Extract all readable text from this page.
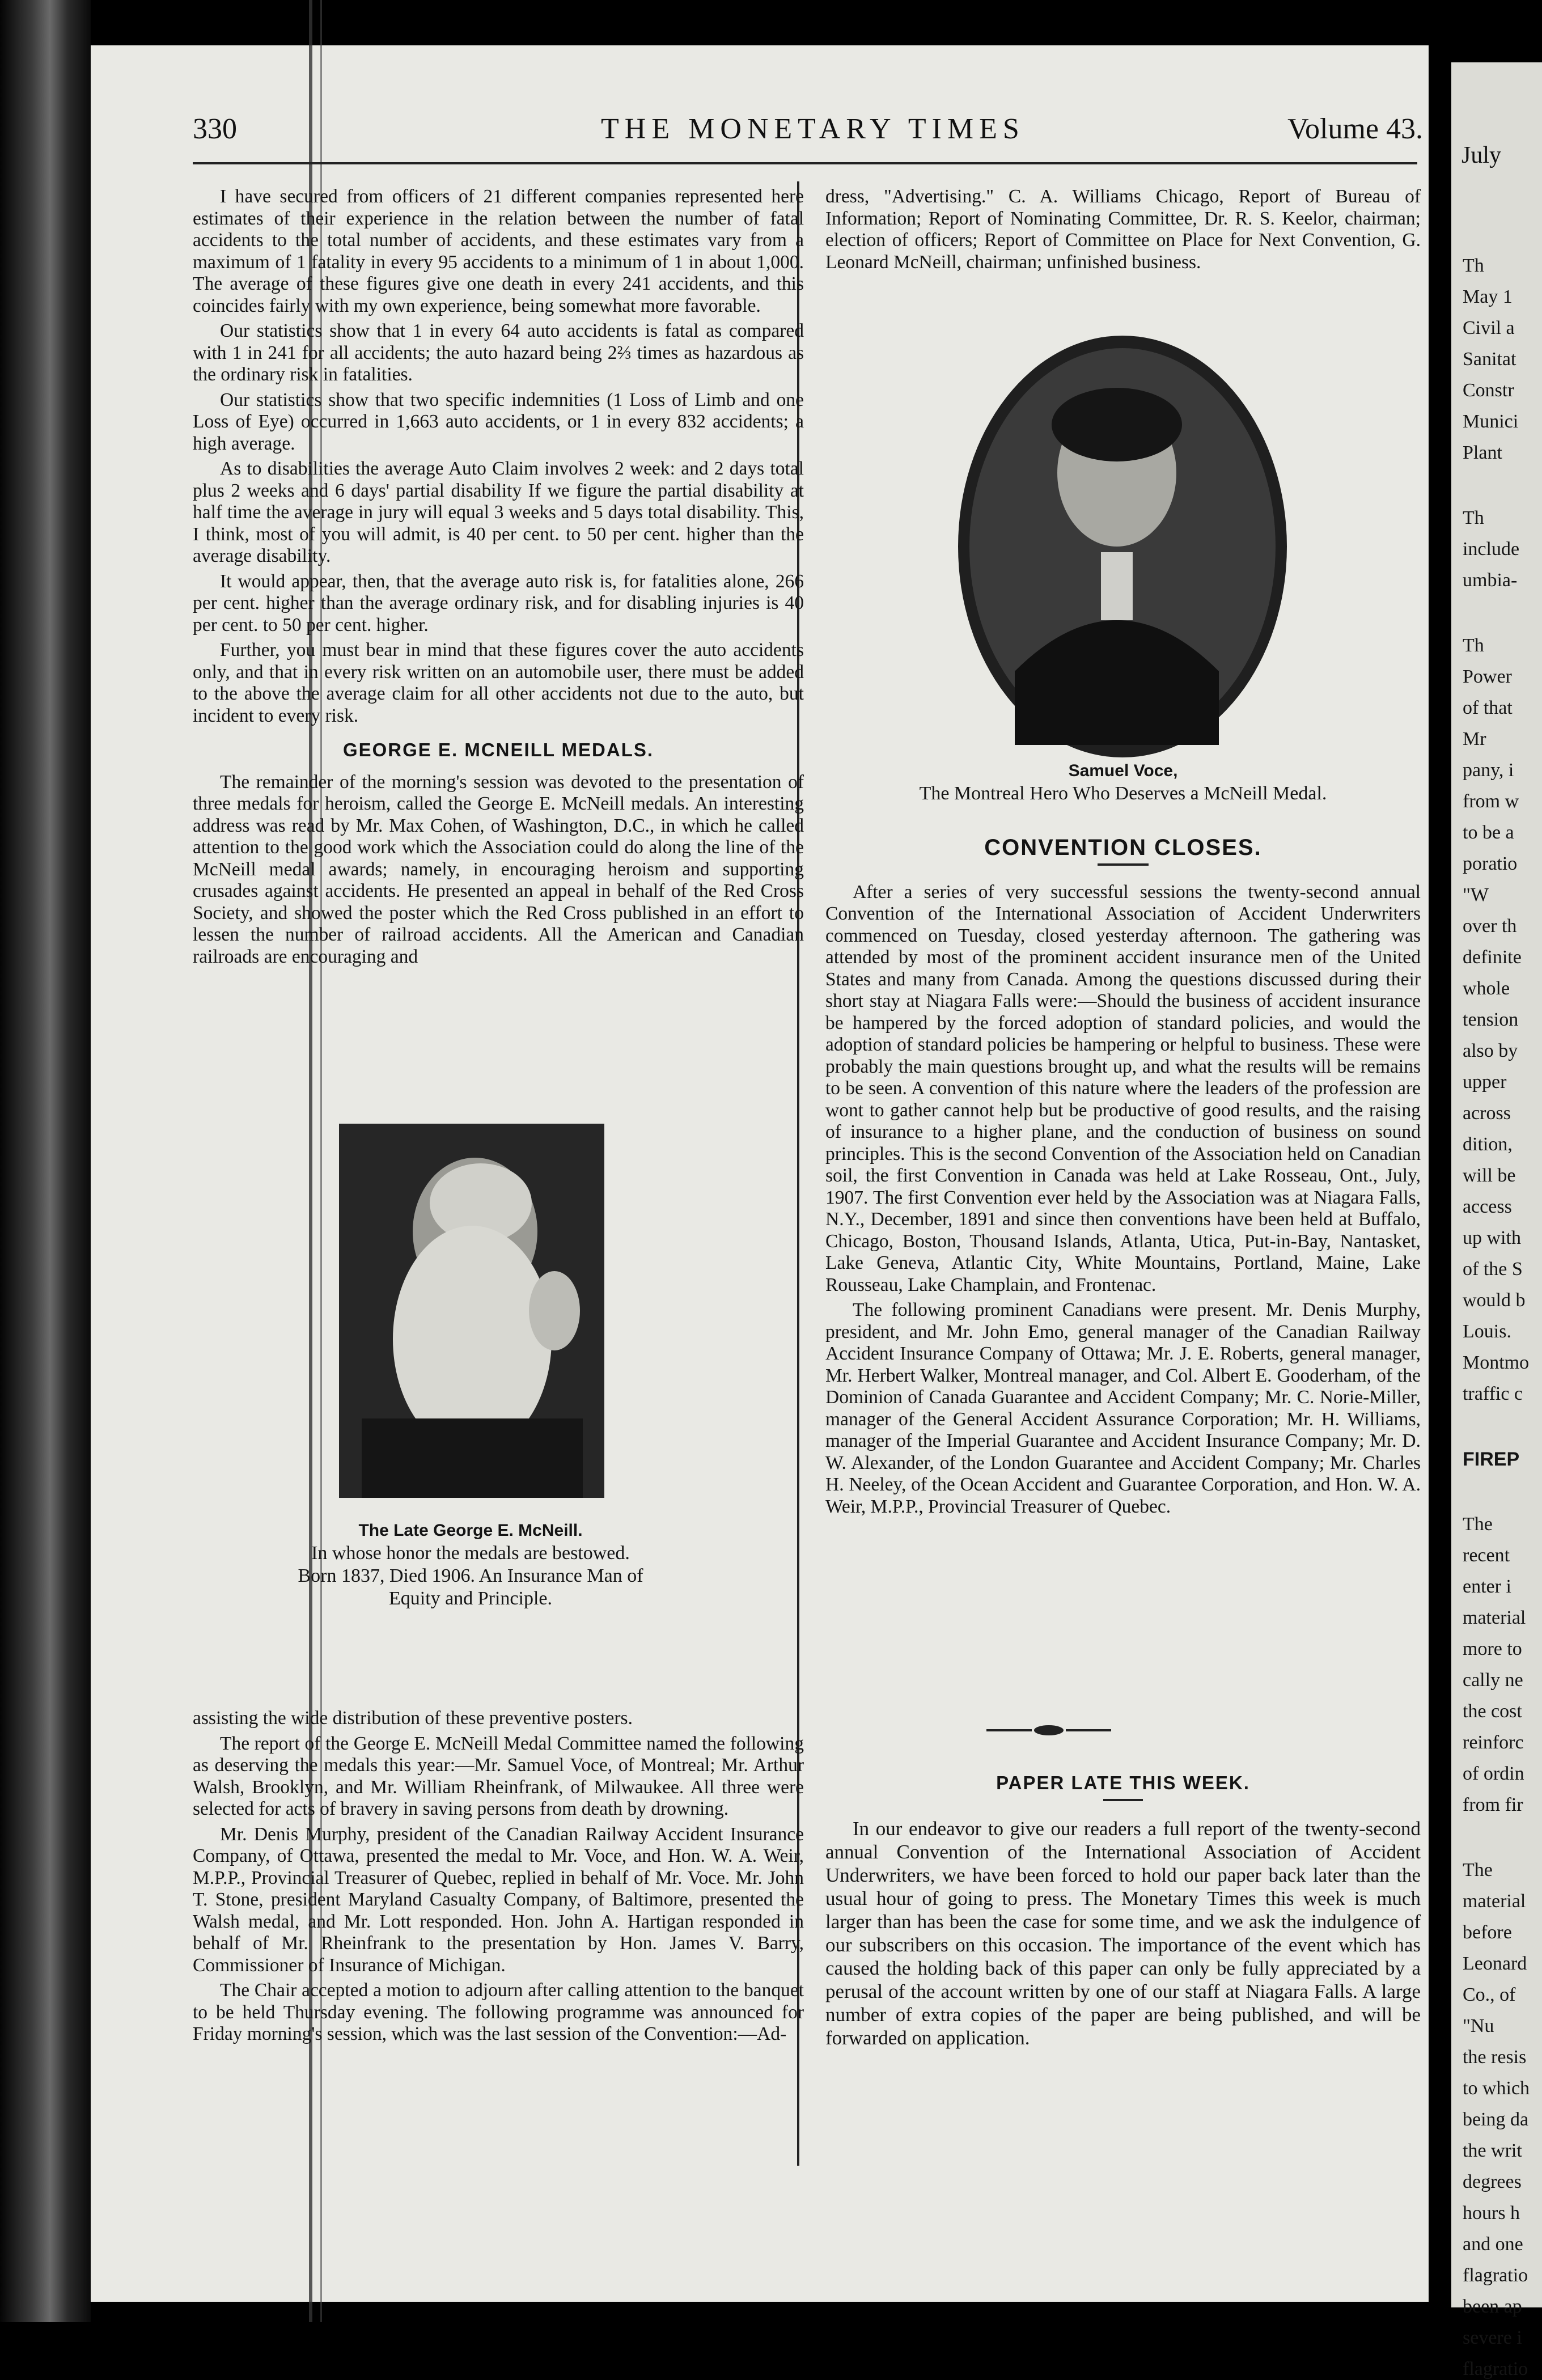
330	THE MONETARY TIMES	Volume 43.

I have secured from officers of 21 different companies represented here estimates of their experience in the relation between the number of fatal accidents to the total number of accidents, and these estimates vary from a maximum of 1 fatality in every 95 accidents to a minimum of 1 in about 1,000. The average of these figures give one death in every 241 accidents, and this coincides fairly with my own experience, being somewhat more favorable.

Our statistics show that 1 in every 64 auto accidents is fatal as compared with 1 in 241 for all accidents; the auto hazard being 2⅔ times as hazardous as the ordinary risk in fatalities.

Our statistics show that two specific indemnities (1 Loss of Limb and one Loss of Eye) occurred in 1,663 auto accidents, or 1 in every 832 accidents; a high average.

As to disabilities the average Auto Claim involves 2 week: and 2 days total plus 2 weeks and 6 days' partial disability If we figure the partial disability at half time the average in jury will equal 3 weeks and 5 days total disability. This, I think, most of you will admit, is 40 per cent. to 50 per cent. higher than the average disability.

It would appear, then, that the average auto risk is, for fatalities alone, 266 per cent. higher than the average ordinary risk, and for disabling injuries is 40 per cent. to 50 per cent. higher.

Further, you must bear in mind that these figures cover the auto accidents only, and that in every risk written on an automobile user, there must be added to the above the average claim for all other accidents not due to the auto, but incident to every risk.

GEORGE E. MCNEILL MEDALS.

The remainder of the morning's session was devoted to the presentation of three medals for heroism, called the George E. McNeill medals. An interesting address was read by Mr. Max Cohen, of Washington, D.C., in which he called attention to the good work which the Association could do along the line of the McNeill medal awards; namely, in encouraging heroism and supporting crusades against accidents. He presented an appeal in behalf of the Red Cross Society, and showed the poster which the Red Cross published in an effort to lessen the number of railroad accidents. All the American and Canadian railroads are encouraging and

The Late George E. McNeill.
In whose honor the medals are bestowed.
Born 1837, Died 1906. An Insurance Man of
Equity and Principle.

assisting the wide distribution of these preventive posters.

The report of the George E. McNeill Medal Committee named the following as deserving the medals this year:—Mr. Samuel Voce, of Montreal; Mr. Arthur Walsh, Brooklyn, and Mr. William Rheinfrank, of Milwaukee. All three were selected for acts of bravery in saving persons from death by drowning.

Mr. Denis Murphy, president of the Canadian Railway Accident Insurance Company, of Ottawa, presented the medal to Mr. Voce, and Hon. W. A. Weir, M.P.P., Provincial Treasurer of Quebec, replied in behalf of Mr. Voce. Mr. John T. Stone, president Maryland Casualty Company, of Baltimore, presented the Walsh medal, and Mr. Lott responded. Hon. John A. Hartigan responded in behalf of Mr. Rheinfrank to the presentation by Hon. James V. Barry, Commissioner of Insurance of Michigan.

The Chair accepted a motion to adjourn after calling attention to the banquet to be held Thursday evening. The following programme was announced for Friday morning's session, which was the last session of the Convention:—Ad-

dress, "Advertising." C. A. Williams Chicago, Report of Bureau of Information; Report of Nominating Committee, Dr. R. S. Keelor, chairman; election of officers; Report of Committee on Place for Next Convention, G. Leonard McNeill, chairman; unfinished business.

Samuel Voce,
The Montreal Hero Who Deserves a McNeill Medal.
CONVENTION CLOSES.

After a series of very successful sessions the twenty-second annual Convention of the International Association of Accident Underwriters commenced on Tuesday, closed yesterday afternoon. The gathering was attended by most of the prominent accident insurance men of the United States and many from Canada. Among the questions discussed during their short stay at Niagara Falls were:—Should the business of accident insurance be hampered by the forced adoption of standard policies, and would the adoption of standard policies be hampering or helpful to business. These were probably the main questions brought up, and what the results will be remains to be seen. A convention of this nature where the leaders of the profession are wont to gather cannot help but be productive of good results, and the raising of insurance to a higher plane, and the conduction of business on sound principles. This is the second Convention of the Association held on Canadian soil, the first Convention in Canada was held at Lake Rosseau, Ont., July, 1907. The first Convention ever held by the Association was at Niagara Falls, N.Y., December, 1891 and since then conventions have been held at Buffalo, Chicago, Boston, Thousand Islands, Atlanta, Utica, Put-in-Bay, Nantasket, Lake Geneva, Atlantic City, White Mountains, Portland, Maine, Lake Rousseau, Lake Champlain, and Frontenac.

The following prominent Canadians were present. Mr. Denis Murphy, president, and Mr. John Emo, general manager of the Canadian Railway Accident Insurance Company of Ottawa; Mr. J. E. Roberts, general manager, Mr. Herbert Walker, Montreal manager, and Col. Albert E. Gooderham, of the Dominion of Canada Guarantee and Accident Company; Mr. C. Norie-Miller, manager of the General Accident Assurance Corporation; Mr. H. Williams, manager of the Imperial Guarantee and Accident Insurance Company; Mr. D. W. Alexander, of the London Guarantee and Accident Company; Mr. Charles H. Neeley, of the Ocean Accident and Guarantee Corporation, and Hon. W. A. Weir, M.P.P., Provincial Treasurer of Quebec.

PAPER LATE THIS WEEK.

In our endeavor to give our readers a full report of the twenty-second annual Convention of the International Association of Accident Underwriters, we have been forced to hold our paper back later than the usual hour of going to press. The Monetary Times this week is much larger than has been the case for some time, and we ask the indulgence of our subscribers on this occasion. The importance of the event which has caused the holding back of this paper can only be fully appreciated by a perusal of the account written by one of our staff at Niagara Falls. A large number of extra copies of the paper are being published, and will be forwarded on application.

July
Th
May 1
Civil a
Sanitat
Constr
Munici
Plant
Th
include
umbia-
Th
Power
of that
Mr
pany, i
from w
to be a
poratio
"W
over th
definite
whole
tension
also by
upper
across
dition,
will be
access
up with
of the S
would b
Louis.
Montmo
traffic c
FIREP
The
recent
enter i
material
more to
cally ne
the cost
reinforc
of ordin
from fir
The
material
before
Leonard
Co., of
"Nu
the resis
to which
being da
the writ
degrees
hours h
and one
flagratio
been ap
severe i
flagratio
